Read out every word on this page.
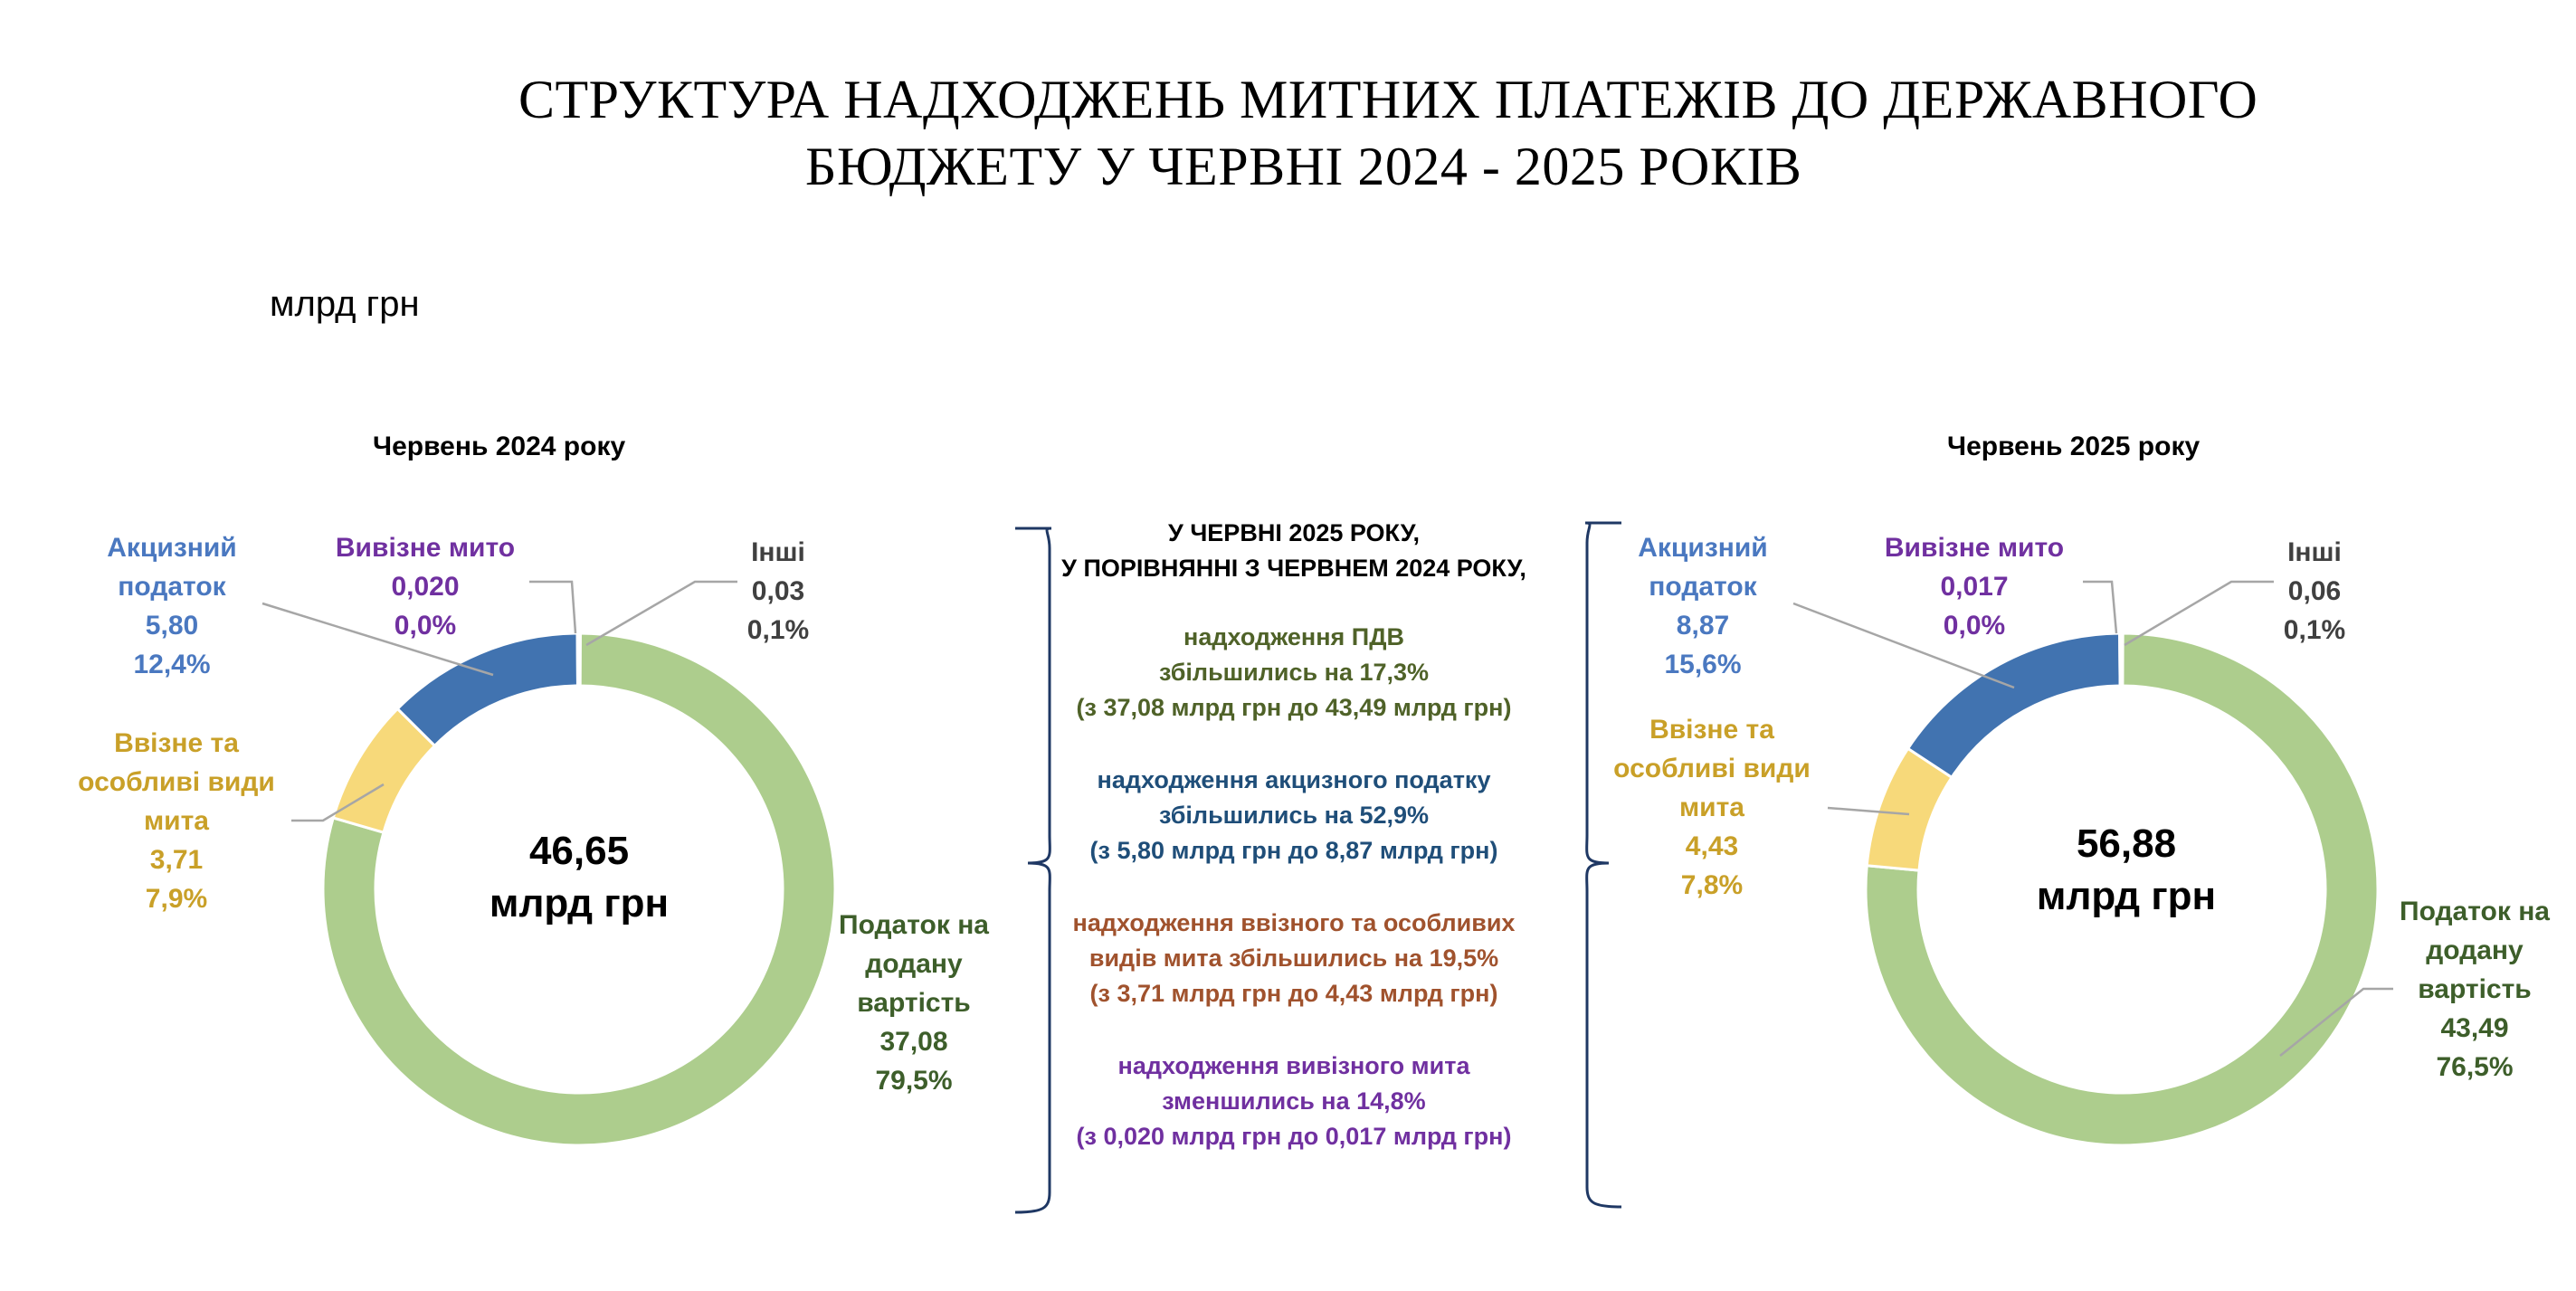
СТРУКТУРА НАДХОДЖЕНЬ МИТНИХ ПЛАТЕЖІВ ДО ДЕРЖАВНОГО
БЮДЖЕТУ У ЧЕРВНІ 2024 - 2025 РОКІВ
млрд грн
Червень 2024 року	Червень 2025 року
46,65
млрд грн
56,88
млрд грн
Акцизний
податок
5,80
12,4%
Вивізне мито
0,020
0,0%
Інші
0,03
0,1%
Ввізне та
особливі види
мита
3,71
7,9%
Податок на
додану
вартість
37,08
79,5%
Акцизний
податок
8,87
15,6%
Вивізне мито
0,017
0,0%
Інші
0,06
0,1%
Ввізне та
особливі види
мита
4,43
7,8%
Податок на
додану
вартість
43,49
76,5%
У ЧЕРВНІ 2025 РОКУ,
У ПОРІВНЯННІ З ЧЕРВНЕМ 2024 РОКУ,
надходження ПДВ
збільшились на 17,3%
(з 37,08 млрд грн до 43,49 млрд грн)
надходження акцизного податку
збільшились на 52,9%
(з 5,80 млрд грн до 8,87 млрд грн)
надходження ввізного та особливих
видів мита збільшились на 19,5%
(з 3,71 млрд грн до 4,43 млрд грн)
надходження вивізного мита
зменшились на 14,8%
(з 0,020 млрд грн до 0,017 млрд грн)
